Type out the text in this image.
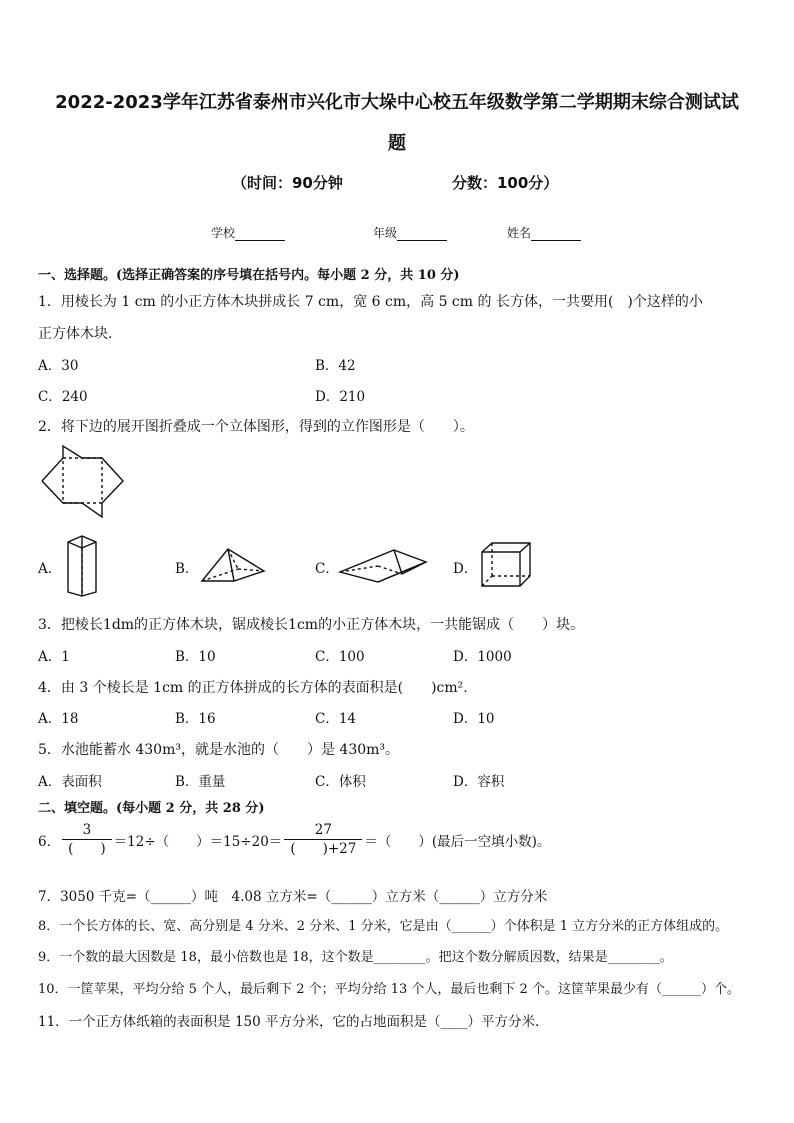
2022-2023学年江苏省泰州市兴化市大垛中心校五年级数学第二学期期末综合测试试
题
（时间：90分钟	分数：100分）
学校	年级	姓名
一、选择题。(选择正确答案的序号填在括号内。每小题 2 分，共 10 分)
1．用棱长为 1 cm 的小正方体木块拼成长 7 cm，宽 6 cm，高 5 cm 的 长方体，一共要用(　)个这样的小
正方体木块.
A．30	B．42
C．240	D．210
2．将下边的展开图折叠成一个立体图形，得到的立作图形是（　　）。
A．	B．	C．	D．
3．把棱长1dm的正方体木块，锯成棱长1cm的小正方体木块，一共能锯成（　　）块。
A．1	B．10	C．100	D．1000
4．由 3 个棱长是 1cm 的正方体拼成的长方体的表面积是(　　)cm².
A．18	B．16	C．14	D．10
5．水池能蓄水 430m³，就是水池的（　　）是 430m³。
A．表面积	B．重量	C．体积	D．容积
二、填空题。(每小题 2 分，共 28 分)
6． $\frac{3}{( )} =12\div$（　　）$=15\div 20= \frac{27}{( )+27}$ ＝（　　）(最后一空填小数)。
7．3050 千克=（______）吨　4.08 立方米=（______）立方米（______）立方分米
8．一个长方体的长、宽、高分别是 4 分米、2 分米、1 分米，它是由（______）个体积是 1 立方分米的正方体组成的。
9．一个数的最大因数是 18，最小倍数也是 18，这个数是________。把这个数分解质因数，结果是________。
10．一筐苹果，平均分给 5 个人，最后剩下 2 个；平均分给 13 个人，最后也剩下 2 个。这筐苹果最少有（______）个。
11．一个正方体纸箱的表面积是 150 平方分米，它的占地面积是（____）平方分米.
